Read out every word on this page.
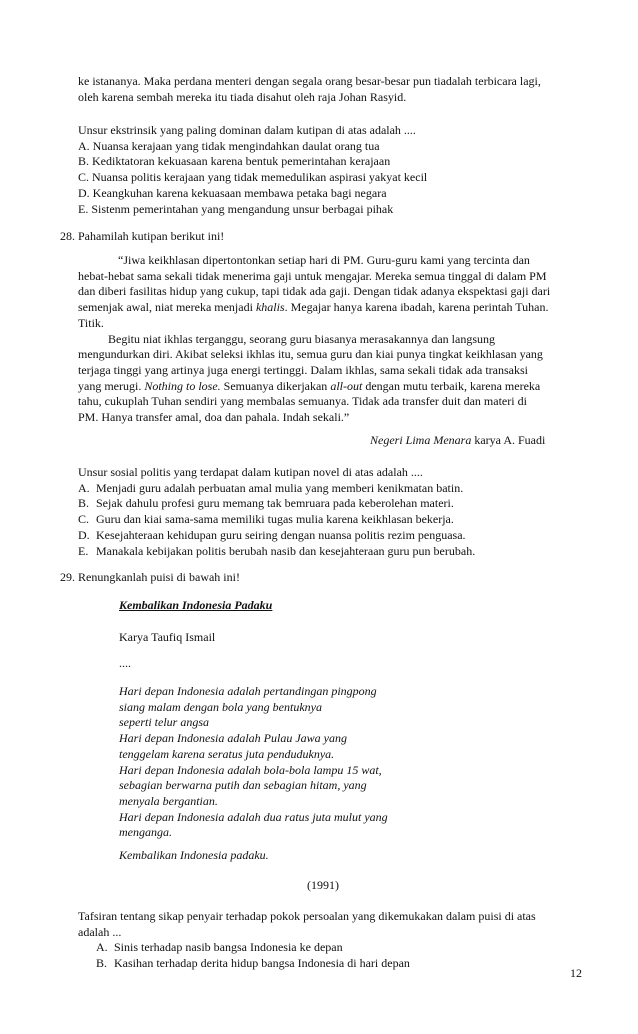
ke istananya. Maka perdana menteri dengan segala orang besar-besar pun tiadalah terbicara lagi,

oleh karena sembah mereka itu tiada disahut oleh raja Johan Rasyid.

Unsur ekstrinsik yang paling dominan dalam kutipan di atas adalah ....

A. Nuansa kerajaan yang tidak mengindahkan daulat orang tua

B. Kediktatoran kekuasaan karena bentuk pemerintahan kerajaan

C. Nuansa politis kerajaan yang tidak memedulikan aspirasi yakyat kecil

D. Keangkuhan karena kekuasaan membawa petaka bagi negara

E. Sistenm pemerintahan yang mengandung unsur berbagai pihak

28. Pahamilah kutipan berikut ini!

“Jiwa keikhlasan dipertontonkan setiap hari di PM. Guru-guru kami yang tercinta dan

hebat-hebat sama sekali tidak menerima gaji untuk mengajar. Mereka semua tinggal di dalam PM

dan diberi fasilitas hidup yang cukup, tapi tidak ada gaji. Dengan tidak adanya ekspektasi gaji dari

semenjak awal, niat mereka menjadi khalis. Megajar hanya karena ibadah, karena perintah Tuhan.

Titik.

Begitu niat ikhlas terganggu, seorang guru biasanya merasakannya dan langsung

mengundurkan diri. Akibat seleksi ikhlas itu, semua guru dan kiai punya tingkat keikhlasan yang

terjaga tinggi yang artinya juga energi tertinggi. Dalam ikhlas, sama sekali tidak ada transaksi

yang merugi. Nothing to lose. Semuanya dikerjakan all-out dengan mutu terbaik, karena mereka

tahu, cukuplah Tuhan sendiri yang membalas semuanya. Tidak ada transfer duit dan materi di

PM. Hanya transfer amal, doa dan pahala. Indah sekali.”

Negeri Lima Menara karya A. Fuadi

Unsur sosial politis yang terdapat dalam kutipan novel di atas adalah ....

A. Menjadi guru adalah perbuatan amal mulia yang memberi kenikmatan batin.
B. Sejak dahulu profesi guru memang tak bemruara pada keberolehan materi.
C. Guru dan kiai sama-sama memiliki tugas mulia karena keikhlasan bekerja.
D. Kesejahteraan kehidupan guru seiring dengan nuansa politis rezim penguasa.
E. Manakala kebijakan politis berubah nasib dan kesejahteraan guru pun berubah.
29. Renungkanlah puisi di bawah ini!
Kembalikan Indonesia Padaku
Karya Taufiq Ismail
....

Hari depan Indonesia adalah pertandingan pingpong

siang malam dengan bola yang bentuknya

seperti telur angsa

Hari depan Indonesia adalah Pulau Jawa yang

tenggelam karena seratus juta penduduknya.

Hari depan Indonesia adalah bola-bola lampu 15 wat,

sebagian berwarna putih dan sebagian hitam, yang

menyala bergantian.

Hari depan Indonesia adalah dua ratus juta mulut yang

menganga.

Kembalikan Indonesia padaku.
(1991)

Tafsiran tentang sikap penyair terhadap pokok persoalan yang dikemukakan dalam puisi di atas

adalah ...

A. Sinis terhadap nasib bangsa Indonesia ke depan
B. Kasihan terhadap derita hidup bangsa Indonesia di hari depan
12
